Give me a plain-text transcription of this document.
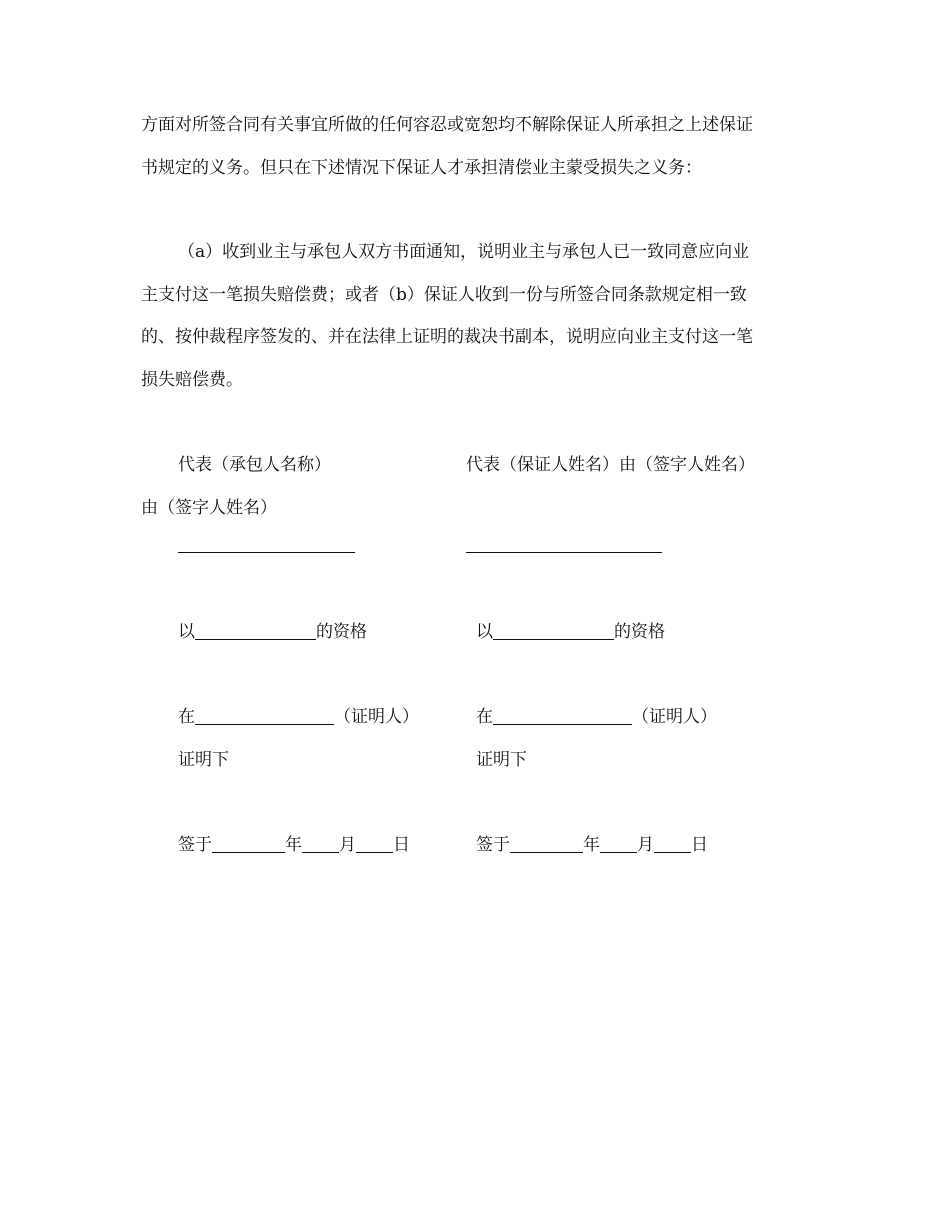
方面对所签合同有关事宜所做的任何容忍或宽恕均不解除保证人所承担之上述保证
书规定的义务。但只在下述情况下保证人才承担清偿业主蒙受损失之义务：
（a）收到业主与承包人双方书面通知，说明业主与承包人已一致同意应向业
主支付这一笔损失赔偿费；或者（b）保证人收到一份与所签合同条款规定相一致
的、按仲裁程序签发的、并在法律上证明的裁决书副本，说明应向业主支付这一笔
损失赔偿费。
代表（承包人名称）
由（签字人姓名）
以	的资格
在	（证明人）
证明下
签于	年 月 日
代表（保证人姓名）由（签字人姓名）
以	的资格
在	（证明人）
证明下
签于	年 月 日
